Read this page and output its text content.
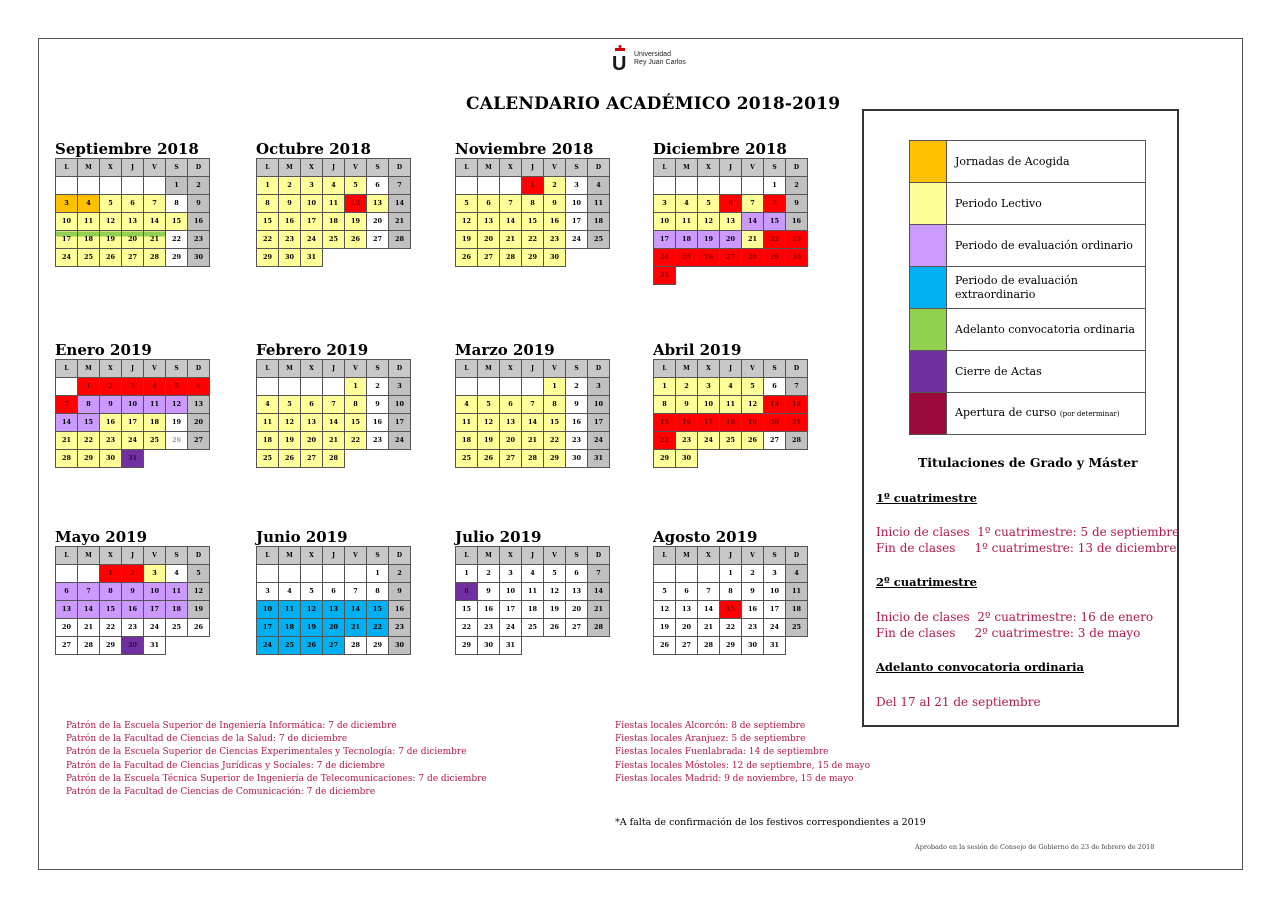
U Universidad
Rey Juan Carlos
CALENDARIO ACADÉMICO 2018-2019
Septiembre 2018
L	M	X	J	V	S	D
					1	2
3	4	5	6	7	8	9
10	11	12	13	14	15	16
17	18	19	20	21	22	23
24	25	26	27	28	29	30
Octubre 2018
L	M	X	J	V	S	D
1	2	3	4	5	6	7
8	9	10	11	12	13	14
15	16	17	18	19	20	21
22	23	24	25	26	27	28
29	30	31				
Noviembre 2018
L	M	X	J	V	S	D
			1	2	3	4
5	6	7	8	9	10	11
12	13	14	15	16	17	18
19	20	21	22	23	24	25
26	27	28	29	30		
Diciembre 2018
L	M	X	J	V	S	D
					1	2
3	4	5	6	7	8	9
10	11	12	13	14	15	16
17	18	19	20	21	22	23
24	25	26	27	28	29	30
31						
Enero 2019
L	M	X	J	V	S	D
	1	2	3	4	5	6
7	8	9	10	11	12	13
14	15	16	17	18	19	20
21	22	23	24	25	26	27
28	29	30	31			
Febrero 2019
L	M	X	J	V	S	D
				1	2	3
4	5	6	7	8	9	10
11	12	13	14	15	16	17
18	19	20	21	22	23	24
25	26	27	28			
Marzo 2019
L	M	X	J	V	S	D
				1	2	3
4	5	6	7	8	9	10
11	12	13	14	15	16	17
18	19	20	21	22	23	24
25	26	27	28	29	30	31
Abril 2019
L	M	X	J	V	S	D
1	2	3	4	5	6	7
8	9	10	11	12	13	14
15	16	17	18	19	20	21
22	23	24	25	26	27	28
29	30					
Mayo 2019
L	M	X	J	V	S	D
		1	2	3	4	5
6	7	8	9	10	11	12
13	14	15	16	17	18	19
20	21	22	23	24	25	26
27	28	29	30	31		
Junio 2019
L	M	X	J	V	S	D
					1	2
3	4	5	6	7	8	9
10	11	12	13	14	15	16
17	18	19	20	21	22	23
24	25	26	27	28	29	30
Julio 2019
L	M	X	J	V	S	D
1	2	3	4	5	6	7
8	9	10	11	12	13	14
15	16	17	18	19	20	21
22	23	24	25	26	27	28
29	30	31				
Agosto 2019
L	M	X	J	V	S	D
			1	2	3	4
5	6	7	8	9	10	11
12	13	14	15	16	17	18
19	20	21	22	23	24	25
26	27	28	29	30	31	
	Jornadas de Acogida
	Periodo Lectivo
	Periodo de evaluación ordinario
	Periodo de evaluación extraordinario
	Adelanto convocatoria ordinaria
	Cierre de Actas
	Apertura de curso (por determinar)
Titulaciones de Grado y Máster
1º cuatrimestre
Inicio de clases  1º cuatrimestre: 5 de septiembre
Fin de clases     1º cuatrimestre: 13 de diciembre
2º cuatrimestre
Inicio de clases  2º cuatrimestre: 16 de enero
Fin de clases     2º cuatrimestre: 3 de mayo
Adelanto convocatoria ordinaria
Del 17 al 21 de septiembre
Patrón de la Escuela Superior de Ingeniería Informática: 7 de diciembre
Patrón de la Facultad de Ciencias de la Salud: 7 de diciembre
Patrón de la Escuela Superior de Ciencias Experimentales y Tecnología: 7 de diciembre
Patrón de la Facultad de Ciencias Jurídicas y Sociales: 7 de diciembre
Patrón de la Escuela Técnica Superior de Ingeniería de Telecomunicaciones: 7 de diciembre
Patrón de la Facultad de Ciencias de Comunicación: 7 de diciembre
Fiestas locales Alcorcón: 8 de septiembre
Fiestas locales Aranjuez: 5 de septiembre
Fiestas locales Fuenlabrada: 14 de septiembre
Fiestas locales Móstoles: 12 de septiembre, 15 de mayo
Fiestas locales Madrid: 9 de noviembre, 15 de mayo
*A falta de confirmación de los festivos correspondientes a 2019
Aprobado en la sesión de Consejo de Gobierno de 23 de febrero de 2018
